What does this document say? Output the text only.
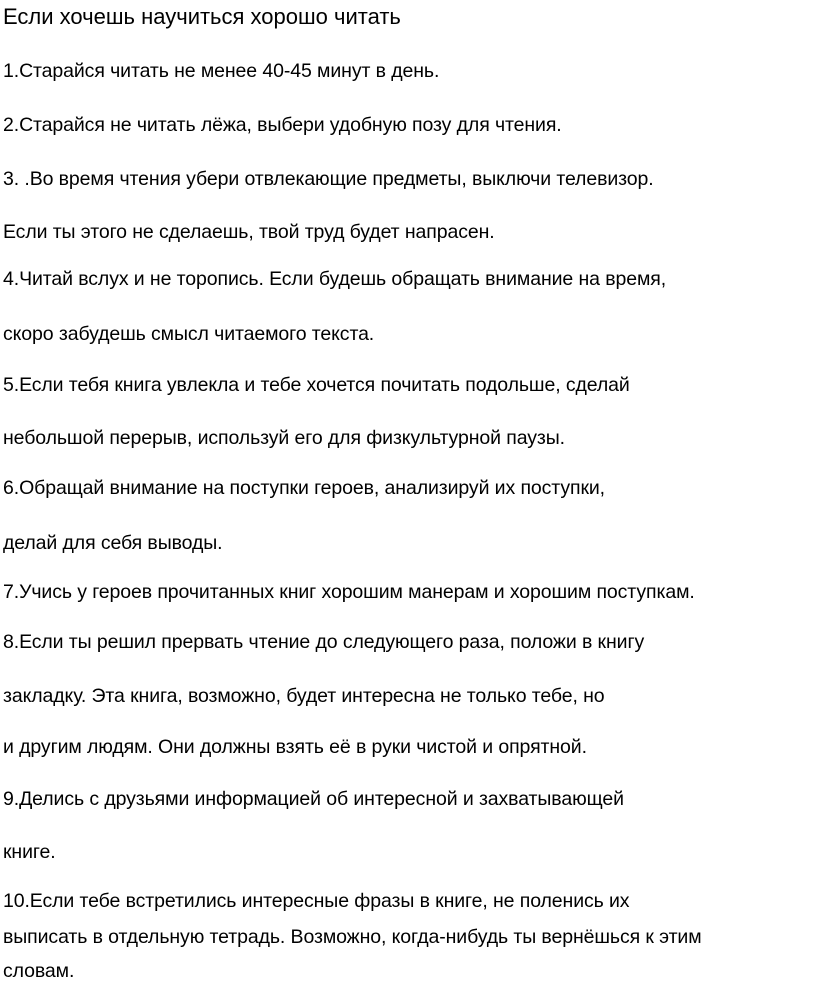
Если хочешь научиться хорошо читать
1.Старайся читать не менее 40-45 минут в день.
2.Старайся не читать лёжа, выбери удобную позу для чтения.
3. .Во время чтения убери отвлекающие предметы, выключи телевизор.
Если ты этого не сделаешь, твой труд будет напрасен.
4.Читай вслух и не торопись. Если будешь обращать внимание на время,
скоро забудешь смысл читаемого текста.
5.Если тебя книга увлекла и тебе хочется почитать подольше, сделай
небольшой перерыв, используй его для физкультурной паузы.
6.Обращай внимание на поступки героев, анализируй их поступки,
делай для себя выводы.
7.Учись у героев прочитанных книг хорошим манерам и хорошим поступкам.
8.Если ты решил прервать чтение до следующего раза, положи в книгу
закладку. Эта книга, возможно, будет интересна не только тебе, но
и другим людям. Они должны взять её в руки чистой и опрятной.
9.Делись с друзьями информацией об интересной и захватывающей
книге.
10.Если тебе встретились интересные фразы в книге, не поленись их
выписать в отдельную тетрадь. Возможно, когда-нибудь ты вернёшься к этим
словам.
